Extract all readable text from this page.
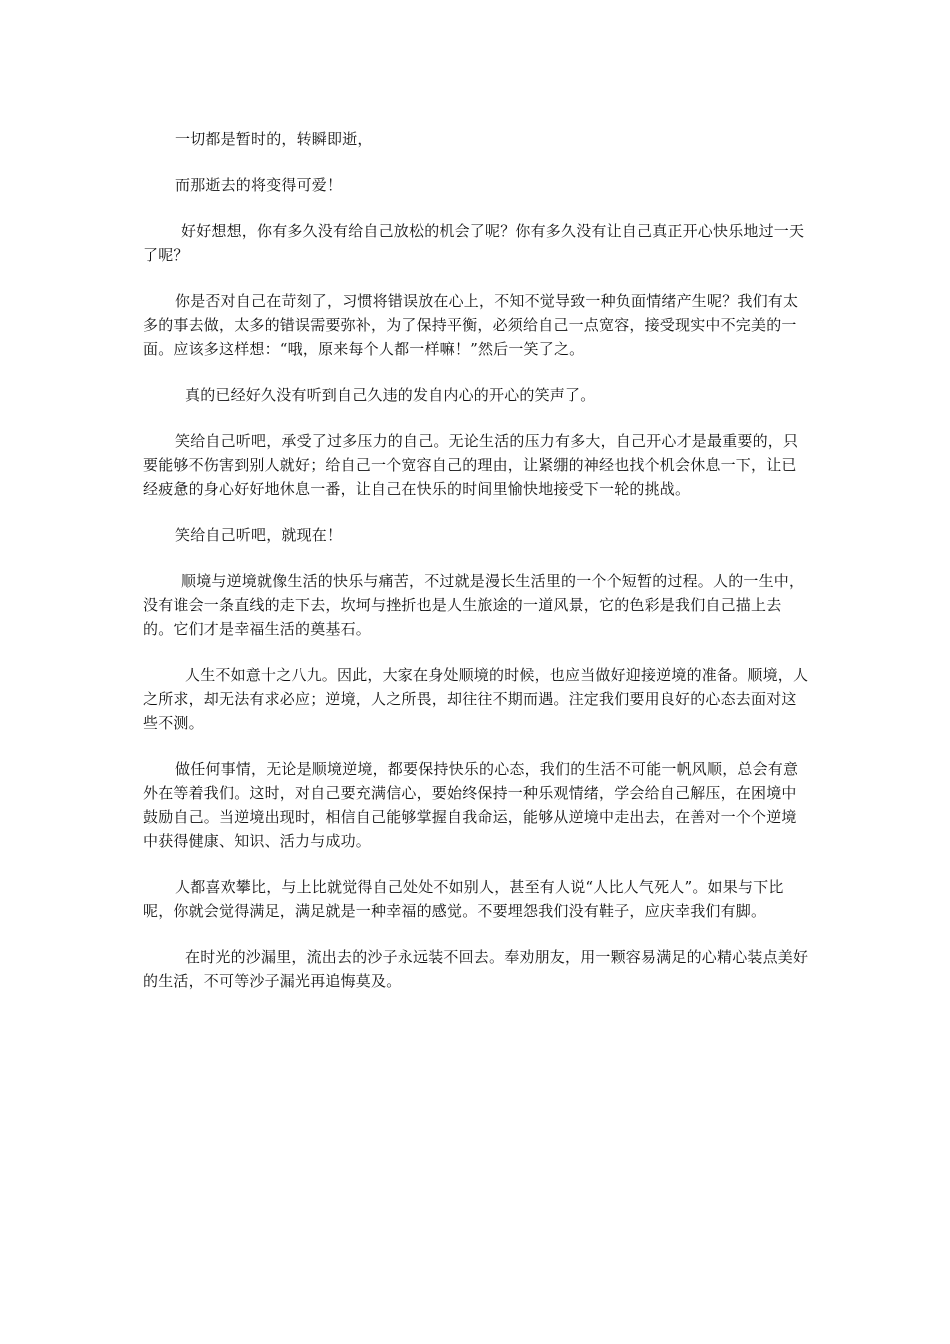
一切都是暂时的，转瞬即逝，

而那逝去的将变得可爱！

好好想想，你有多久没有给自己放松的机会了呢？你有多久没有让自己真正开心快乐地过一天了呢？

你是否对自己在苛刻了，习惯将错误放在心上，不知不觉导致一种负面情绪产生呢？我们有太多的事去做，太多的错误需要弥补，为了保持平衡，必须给自己一点宽容，接受现实中不完美的一面。应该多这样想：“哦，原来每个人都一样嘛！”然后一笑了之。

真的已经好久没有听到自己久违的发自内心的开心的笑声了。

笑给自己听吧，承受了过多压力的自己。无论生活的压力有多大，自己开心才是最重要的，只要能够不伤害到别人就好；给自己一个宽容自己的理由，让紧绷的神经也找个机会休息一下，让已经疲惫的身心好好地休息一番，让自己在快乐的时间里愉快地接受下一轮的挑战。

笑给自己听吧，就现在！

顺境与逆境就像生活的快乐与痛苦，不过就是漫长生活里的一个个短暂的过程。人的一生中，没有谁会一条直线的走下去，坎坷与挫折也是人生旅途的一道风景，它的色彩是我们自己描上去的。它们才是幸福生活的奠基石。

人生不如意十之八九。因此，大家在身处顺境的时候，也应当做好迎接逆境的准备。顺境，人之所求，却无法有求必应；逆境，人之所畏，却往往不期而遇。注定我们要用良好的心态去面对这些不测。

做任何事情，无论是顺境逆境，都要保持快乐的心态，我们的生活不可能一帆风顺，总会有意外在等着我们。这时，对自己要充满信心，要始终保持一种乐观情绪，学会给自己解压，在困境中鼓励自己。当逆境出现时，相信自己能够掌握自我命运，能够从逆境中走出去，在善对一个个逆境中获得健康、知识、活力与成功。

人都喜欢攀比，与上比就觉得自己处处不如别人，甚至有人说“人比人气死人”。如果与下比呢，你就会觉得满足，满足就是一种幸福的感觉。不要埋怨我们没有鞋子，应庆幸我们有脚。

在时光的沙漏里，流出去的沙子永远装不回去。奉劝朋友，用一颗容易满足的心精心装点美好的生活，不可等沙子漏光再追悔莫及。
